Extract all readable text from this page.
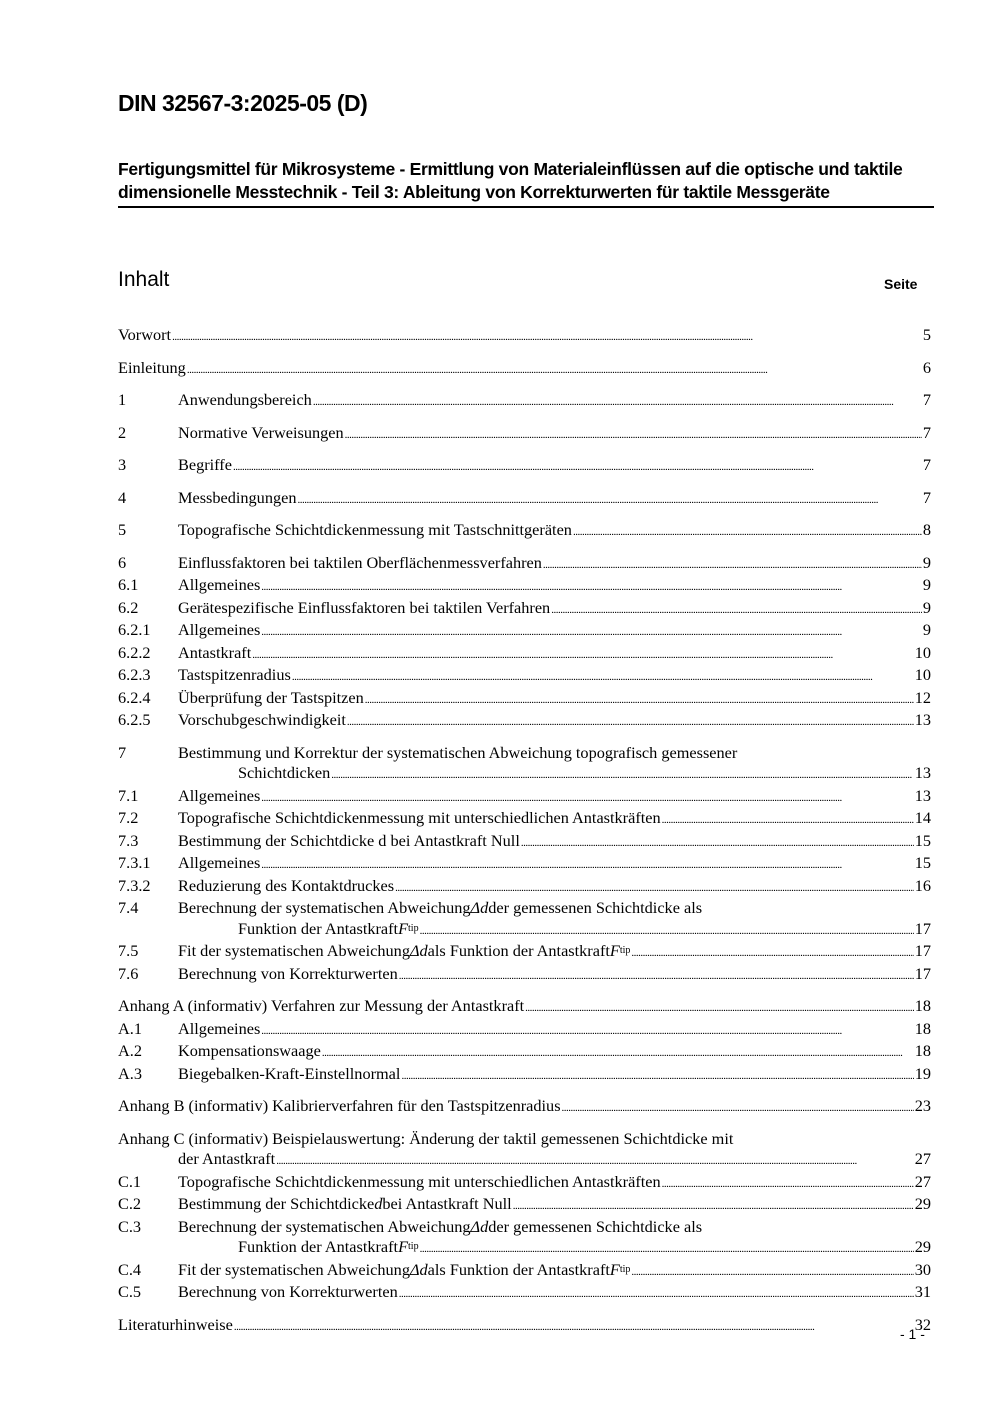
DIN 32567-3:2025-05 (D)
Fertigungsmittel für Mikrosysteme - Ermittlung von Materialeinflüssen auf die optische und taktile dimensionelle Messtechnik - Teil 3: Ableitung von Korrekturwerten für taktile Messgeräte
Inhalt	Seite
Vorwort .....	5
Einleitung .....	6
1	Anwendungsbereich .....	7
2	Normative Verweisungen .....	7
3	Begriffe .....	7
4	Messbedingungen .....	7
5	Topografische Schichtdickenmessung mit Tastschnittgeräten .....	8
6	Einflussfaktoren bei taktilen Oberflächenmessverfahren .....	9
6.1	Allgemeines .....	9
6.2	Gerätespezifische Einflussfaktoren bei taktilen Verfahren .....	9
6.2.1	Allgemeines .....	9
6.2.2	Antastkraft .....	10
6.2.3	Tastspitzenradius .....	10
6.2.4	Überprüfung der Tastspitzen .....	12
6.2.5	Vorschubgeschwindigkeit .....	13
7	Bestimmung und Korrektur der systematischen Abweichung topografisch gemessener
Schichtdicken .....	13
7.1	Allgemeines .....	13
7.2	Topografische Schichtdickenmessung mit unterschiedlichen Antastkräften .....	14
7.3	Bestimmung der Schichtdicke d bei Antastkraft Null .....	15
7.3.1	Allgemeines .....	15
7.3.2	Reduzierung des Kontaktdruckes .....	16
7.4	Berechnung der systematischen Abweichung Δd der gemessenen Schichtdicke als
Funktion der Antastkraft F tip .....	17
7.5	Fit der systematischen Abweichung Δd als Funktion der Antastkraft F tip .....	17
7.6	Berechnung von Korrekturwerten .....	17
Anhang A (informativ) Verfahren zur Messung der Antastkraft .....	18
A.1	Allgemeines .....	18
A.2	Kompensationswaage .....	18
A.3	Biegebalken-Kraft-Einstellnormal .....	19
Anhang B (informativ) Kalibrierverfahren für den Tastspitzenradius .....	23
Anhang C (informativ) Beispielauswertung: Änderung der taktil gemessenen Schichtdicke mit
der Antastkraft .....	27
C.1	Topografische Schichtdickenmessung mit unterschiedlichen Antastkräften .....	27
C.2	Bestimmung der Schichtdicke d bei Antastkraft Null .....	29
C.3	Berechnung der systematischen Abweichung Δd der gemessenen Schichtdicke als
Funktion der Antastkraft F tip .....	29
C.4	Fit der systematischen Abweichung Δd als Funktion der Antastkraft F tip .....	30
C.5	Berechnung von Korrekturwerten .....	31
Literaturhinweise .....	32
- 1 -
